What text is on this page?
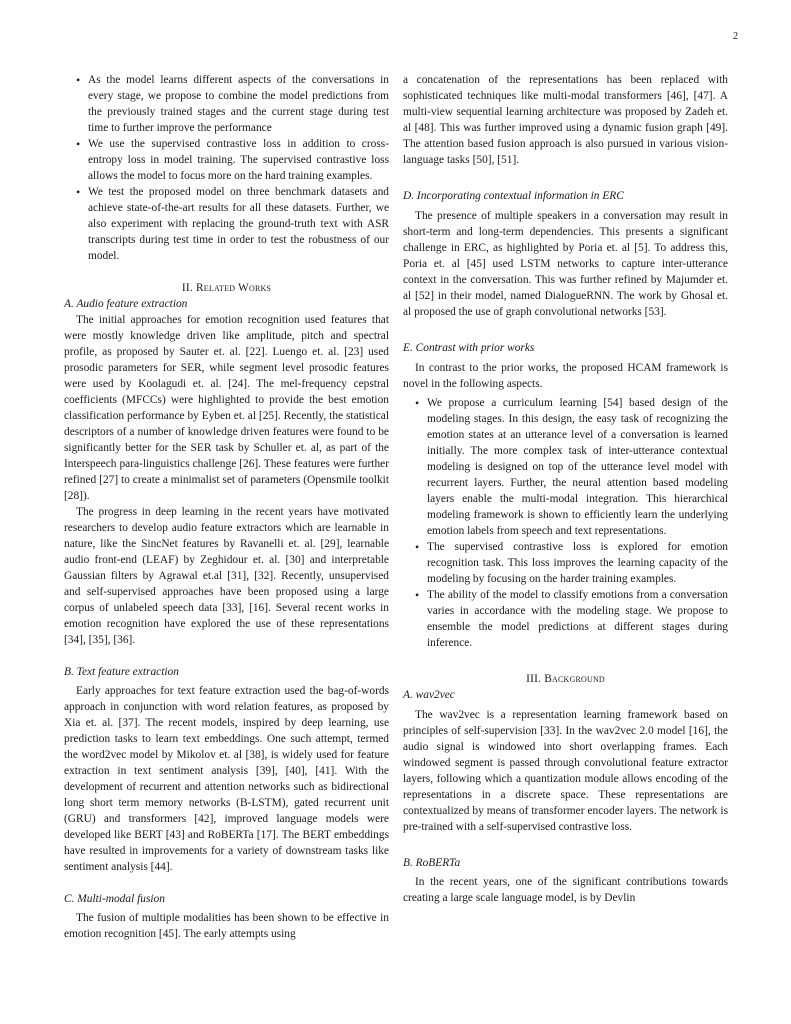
2
• As the model learns different aspects of the conversations in every stage, we propose to combine the model predictions from the previously trained stages and the current stage during test time to further improve the performance
• We use the supervised contrastive loss in addition to cross-entropy loss in model training. The supervised contrastive loss allows the model to focus more on the hard training examples.
• We test the proposed model on three benchmark datasets and achieve state-of-the-art results for all these datasets. Further, we also experiment with replacing the ground-truth text with ASR transcripts during test time in order to test the robustness of our model.

II. Related Works

A. Audio feature extraction

The initial approaches for emotion recognition used features that were mostly knowledge driven like amplitude, pitch and spectral profile, as proposed by Sauter et. al. [22]. Luengo et. al. [23] used prosodic parameters for SER, while segment level prosodic features were used by Koolagudi et. al. [24]. The mel-frequency cepstral coefficients (MFCCs) were highlighted to provide the best emotion classification performance by Eyben et. al [25]. Recently, the statistical descriptors of a number of knowledge driven features were found to be significantly better for the SER task by Schuller et. al, as part of the Interspeech para-linguistics challenge [26]. These features were further refined [27] to create a minimalist set of parameters (Opensmile toolkit [28]).

The progress in deep learning in the recent years have motivated researchers to develop audio feature extractors which are learnable in nature, like the SincNet features by Ravanelli et. al. [29], learnable audio front-end (LEAF) by Zeghidour et. al. [30] and interpretable Gaussian filters by Agrawal et.al [31], [32]. Recently, unsupervised and self-supervised approaches have been proposed using a large corpus of unlabeled speech data [33], [16]. Several recent works in emotion recognition have explored the use of these representations [34], [35], [36].

B. Text feature extraction

Early approaches for text feature extraction used the bag-of-words approach in conjunction with word relation features, as proposed by Xia et. al. [37]. The recent models, inspired by deep learning, use prediction tasks to learn text embeddings. One such attempt, termed the word2vec model by Mikolov et. al [38], is widely used for feature extraction in text sentiment analysis [39], [40], [41]. With the development of recurrent and attention networks such as bidirectional long short term memory networks (B-LSTM), gated recurrent unit (GRU) and transformers [42], improved language models were developed like BERT [43] and RoBERTa [17]. The BERT embeddings have resulted in improvements for a variety of downstream tasks like sentiment analysis [44].

C. Multi-modal fusion

The fusion of multiple modalities has been shown to be effective in emotion recognition [45]. The early attempts using

a concatenation of the representations has been replaced with sophisticated techniques like multi-modal transformers [46], [47]. A multi-view sequential learning architecture was proposed by Zadeh et. al [48]. This was further improved using a dynamic fusion graph [49]. The attention based fusion approach is also pursued in various vision-language tasks [50], [51].

D. Incorporating contextual information in ERC

The presence of multiple speakers in a conversation may result in short-term and long-term dependencies. This presents a significant challenge in ERC, as highlighted by Poria et. al [5]. To address this, Poria et. al [45] used LSTM networks to capture inter-utterance context in the conversation. This was further refined by Majumder et. al [52] in their model, named DialogueRNN. The work by Ghosal et. al proposed the use of graph convolutional networks [53].

E. Contrast with prior works

In contrast to the prior works, the proposed HCAM framework is novel in the following aspects.

• We propose a curriculum learning [54] based design of the modeling stages. In this design, the easy task of recognizing the emotion states at an utterance level of a conversation is learned initially. The more complex task of inter-utterance contextual modeling is designed on top of the utterance level model with recurrent layers. Further, the neural attention based modeling layers enable the multi-modal integration. This hierarchical modeling framework is shown to efficiently learn the underlying emotion labels from speech and text representations.
• The supervised contrastive loss is explored for emotion recognition task. This loss improves the learning capacity of the modeling by focusing on the harder training examples.
• The ability of the model to classify emotions from a conversation varies in accordance with the modeling stage. We propose to ensemble the model predictions at different stages during inference.

III. Background

A. wav2vec

The wav2vec is a representation learning framework based on principles of self-supervision [33]. In the wav2vec 2.0 model [16], the audio signal is windowed into short overlapping frames. Each windowed segment is passed through convolutional feature extractor layers, following which a quantization module allows encoding of the representations in a discrete space. These representations are contextualized by means of transformer encoder layers. The network is pre-trained with a self-supervised contrastive loss.

B. RoBERTa

In the recent years, one of the significant contributions towards creating a large scale language model, is by Devlin
